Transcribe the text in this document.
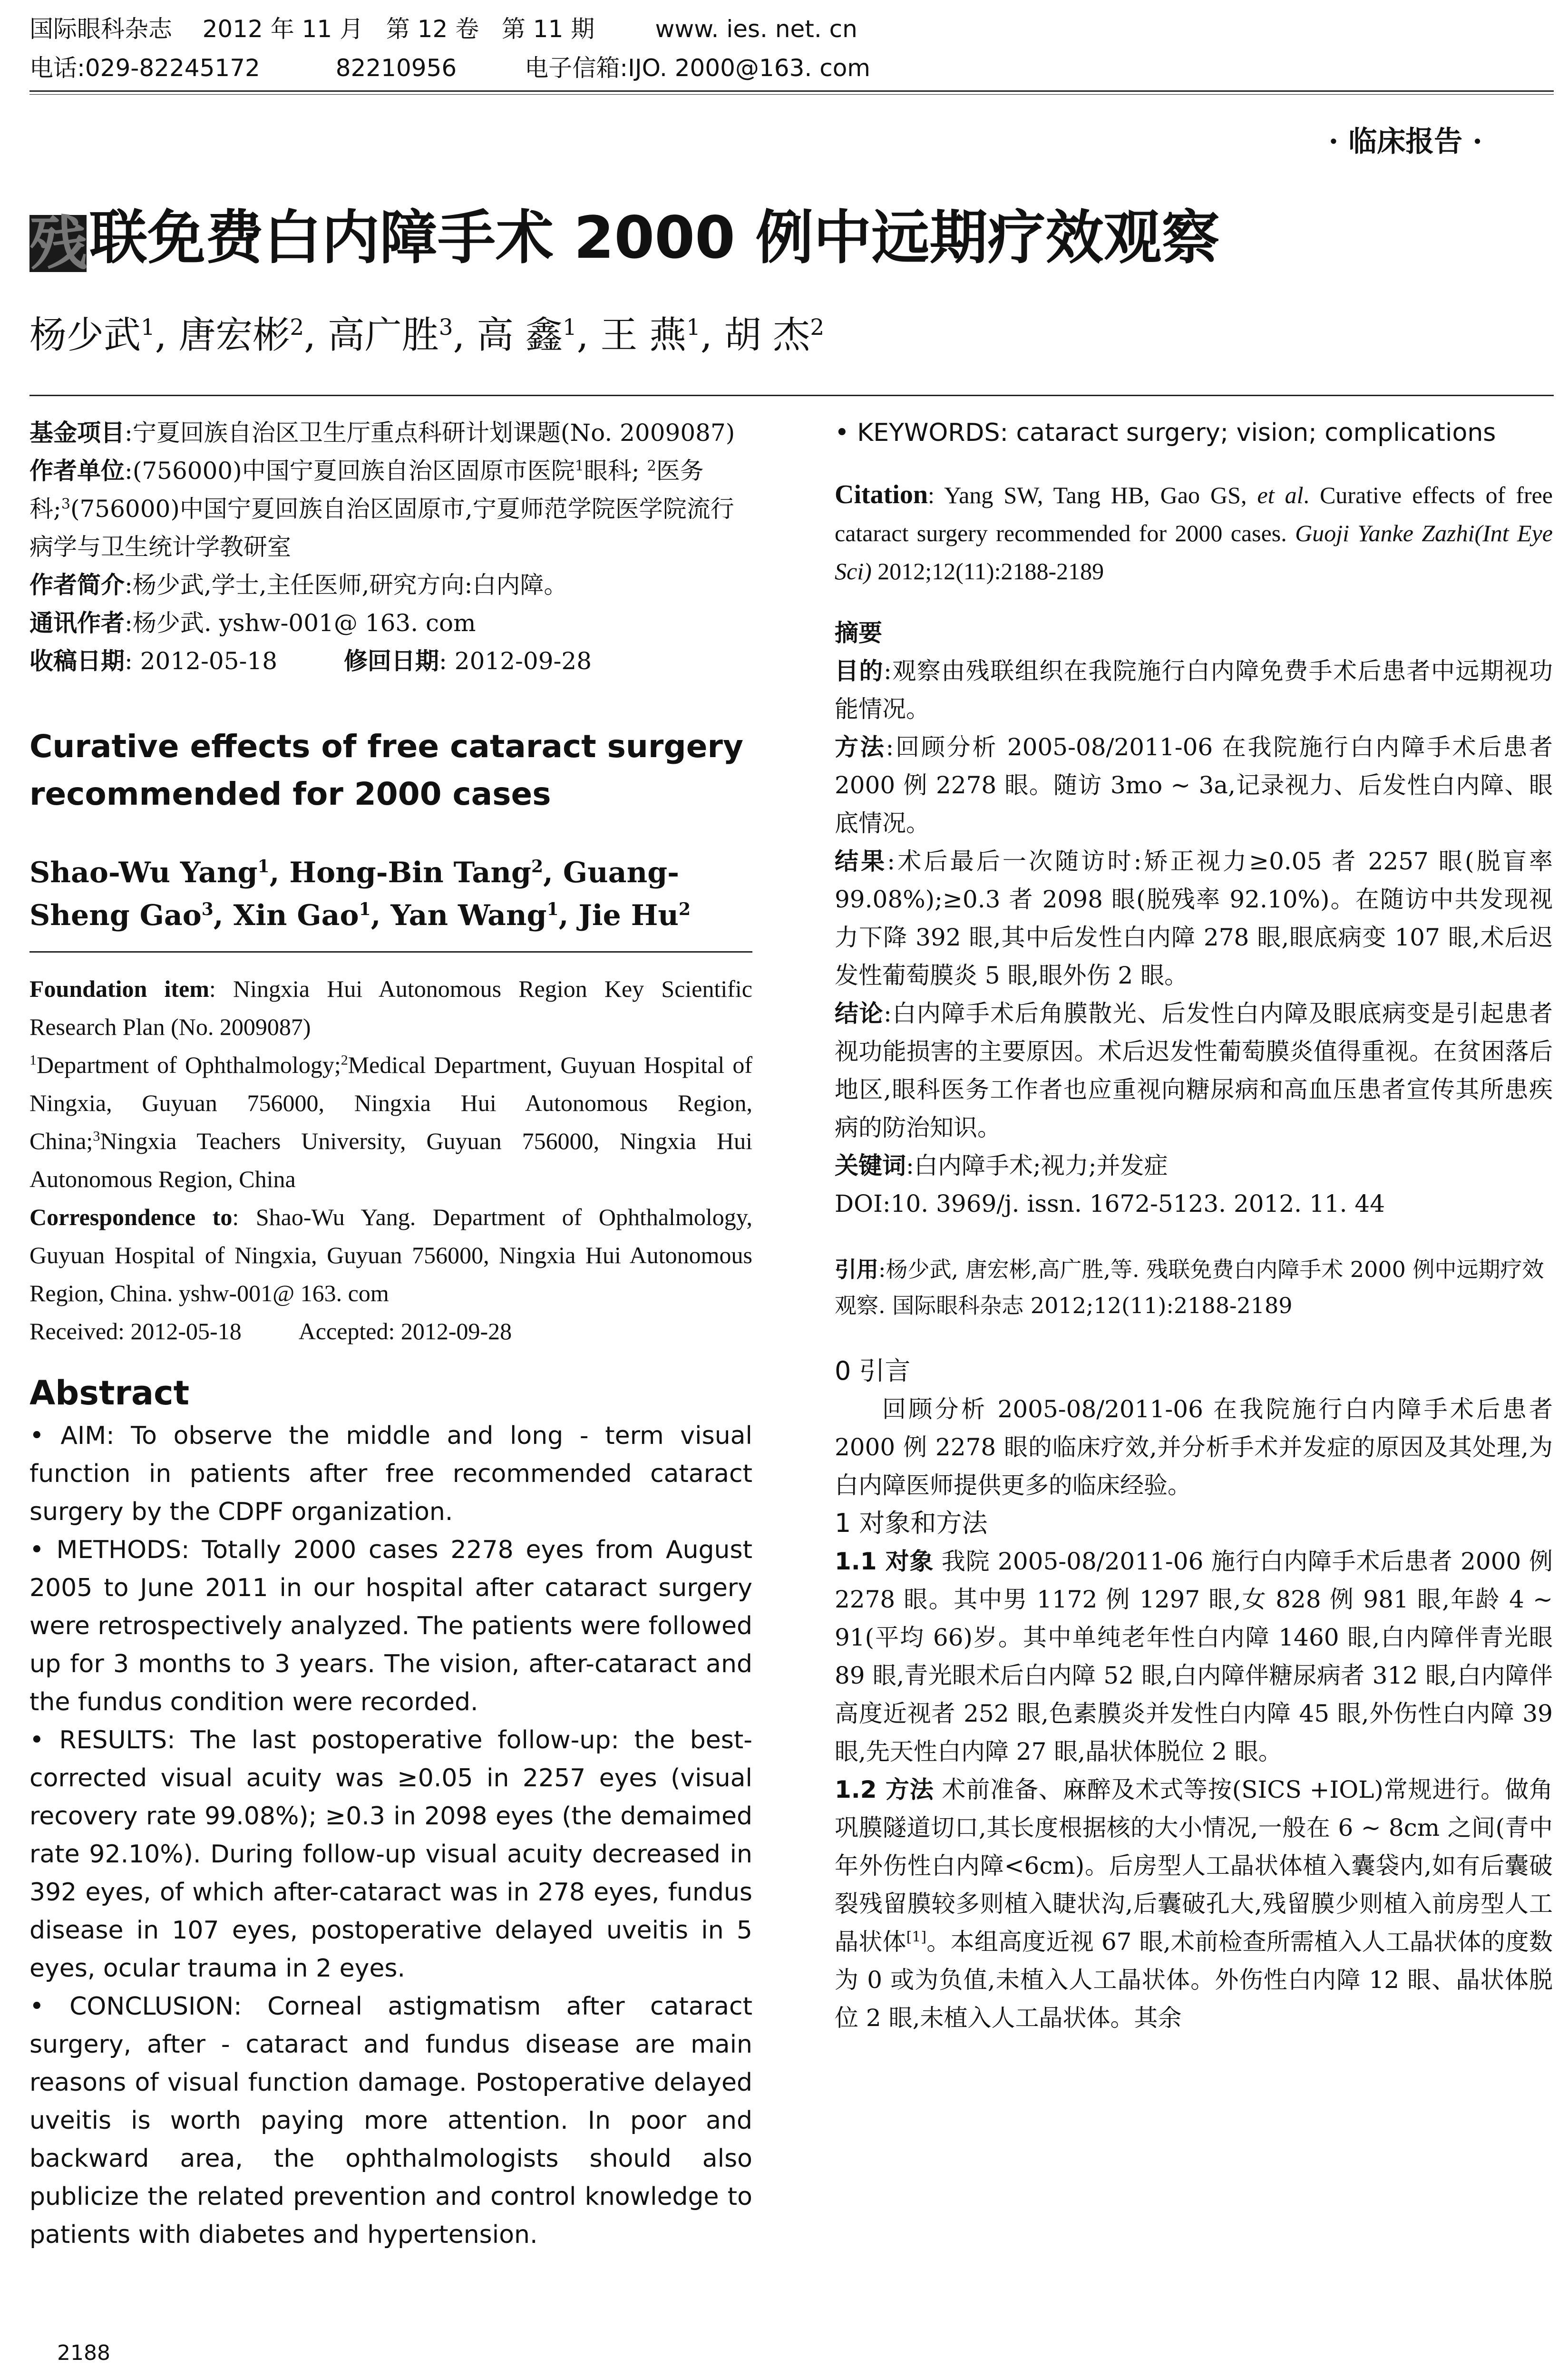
国际眼科杂志    2012 年 11 月   第 12 卷   第 11 期        www. ies. net. cn
电话:029-82245172          82210956         电子信箱:IJO. 2000@163. com
· 临床报告 ·
残联免费白内障手术 2000 例中远期疗效观察
杨少武$^1$, 唐宏彬$^2$, 高广胜$^3$, 高 鑫$^1$, 王 燕$^1$, 胡 杰$^2$

基金项目:宁夏回族自治区卫生厅重点科研计划课题(No. 2009087)

作者单位:(756000)中国宁夏回族自治区固原市医院$^1$眼科; $^2$医务科;$^3$(756000)中国宁夏回族自治区固原市,宁夏师范学院医学院流行病学与卫生统计学教研室

作者简介:杨少武,学士,主任医师,研究方向:白内障。

通讯作者:杨少武. yshw-001@ 163. com

收稿日期: 2012-05-18	修回日期: 2012-09-28

Curative effects of free cataract surgery recommended for 2000 cases

Shao-Wu Yang$^1$, Hong-Bin Tang$^2$, Guang-Sheng Gao$^3$, Xin Gao$^1$, Yan Wang$^1$, Jie Hu$^2$

Foundation item: Ningxia Hui Autonomous Region Key Scientific Research Plan (No. 2009087)

$^1$Department of Ophthalmology;$^2$Medical Department, Guyuan Hospital of Ningxia, Guyuan 756000, Ningxia Hui Autonomous Region, China;$^3$Ningxia Teachers University, Guyuan 756000, Ningxia Hui Autonomous Region, China

Correspondence to: Shao-Wu Yang. Department of Ophthalmology, Guyuan Hospital of Ningxia, Guyuan 756000, Ningxia Hui Autonomous Region, China. yshw-001@ 163. com

Received: 2012-05-18 Accepted: 2012-09-28

Abstract

• AIM: To observe the middle and long - term visual function in patients after free recommended cataract surgery by the CDPF organization.

• METHODS: Totally 2000 cases 2278 eyes from August 2005 to June 2011 in our hospital after cataract surgery were retrospectively analyzed. The patients were followed up for 3 months to 3 years. The vision, after-cataract and the fundus condition were recorded.

• RESULTS: The last postoperative follow-up: the best-corrected visual acuity was ≥0.05 in 2257 eyes (visual recovery rate 99.08%); ≥0.3 in 2098 eyes (the demaimed rate 92.10%). During follow-up visual acuity decreased in 392 eyes, of which after-cataract was in 278 eyes, fundus disease in 107 eyes, postoperative delayed uveitis in 5 eyes, ocular trauma in 2 eyes.

• CONCLUSION: Corneal astigmatism after cataract surgery, after - cataract and fundus disease are main reasons of visual function damage. Postoperative delayed uveitis is worth paying more attention. In poor and backward area, the ophthalmologists should also publicize the related prevention and control knowledge to patients with diabetes and hypertension.

• KEYWORDS: cataract surgery; vision; complications

Citation: Yang SW, Tang HB, Gao GS, et al. Curative effects of free cataract surgery recommended for 2000 cases. Guoji Yanke Zazhi(Int Eye Sci) 2012;12(11):2188-2189

摘要

目的:观察由残联组织在我院施行白内障免费手术后患者中远期视功能情况。

方法:回顾分析 2005-08/2011-06 在我院施行白内障手术后患者 2000 例 2278 眼。随访 3mo ~ 3a,记录视力、后发性白内障、眼底情况。

结果:术后最后一次随访时:矫正视力≥0.05 者 2257 眼(脱盲率 99.08%);≥0.3 者 2098 眼(脱残率 92.10%)。在随访中共发现视力下降 392 眼,其中后发性白内障 278 眼,眼底病变 107 眼,术后迟发性葡萄膜炎 5 眼,眼外伤 2 眼。

结论:白内障手术后角膜散光、后发性白内障及眼底病变是引起患者视功能损害的主要原因。术后迟发性葡萄膜炎值得重视。在贫困落后地区,眼科医务工作者也应重视向糖尿病和高血压患者宣传其所患疾病的防治知识。

关键词:白内障手术;视力;并发症

DOI:10. 3969/j. issn. 1672-5123. 2012. 11. 44

引用:杨少武, 唐宏彬,高广胜,等. 残联免费白内障手术 2000 例中远期疗效观察. 国际眼科杂志 2012;12(11):2188-2189

0 引言

回顾分析 2005-08/2011-06 在我院施行白内障手术后患者 2000 例 2278 眼的临床疗效,并分析手术并发症的原因及其处理,为白内障医师提供更多的临床经验。

1 对象和方法

1.1 对象 我院 2005-08/2011-06 施行白内障手术后患者 2000 例 2278 眼。其中男 1172 例 1297 眼,女 828 例 981 眼,年龄 4 ~ 91(平均 66)岁。其中单纯老年性白内障 1460 眼,白内障伴青光眼 89 眼,青光眼术后白内障 52 眼,白内障伴糖尿病者 312 眼,白内障伴高度近视者 252 眼,色素膜炎并发性白内障 45 眼,外伤性白内障 39 眼,先天性白内障 27 眼,晶状体脱位 2 眼。

1.2 方法 术前准备、麻醉及术式等按(SICS +IOL)常规进行。做角巩膜隧道切口,其长度根据核的大小情况,一般在 6 ~ 8cm 之间(青中年外伤性白内障<6cm)。后房型人工晶状体植入囊袋内,如有后囊破裂残留膜较多则植入睫状沟,后囊破孔大,残留膜少则植入前房型人工晶状体[1]。本组高度近视 67 眼,术前检查所需植入人工晶状体的度数为 0 或为负值,未植入人工晶状体。外伤性白内障 12 眼、晶状体脱位 2 眼,未植入人工晶状体。其余

2188
